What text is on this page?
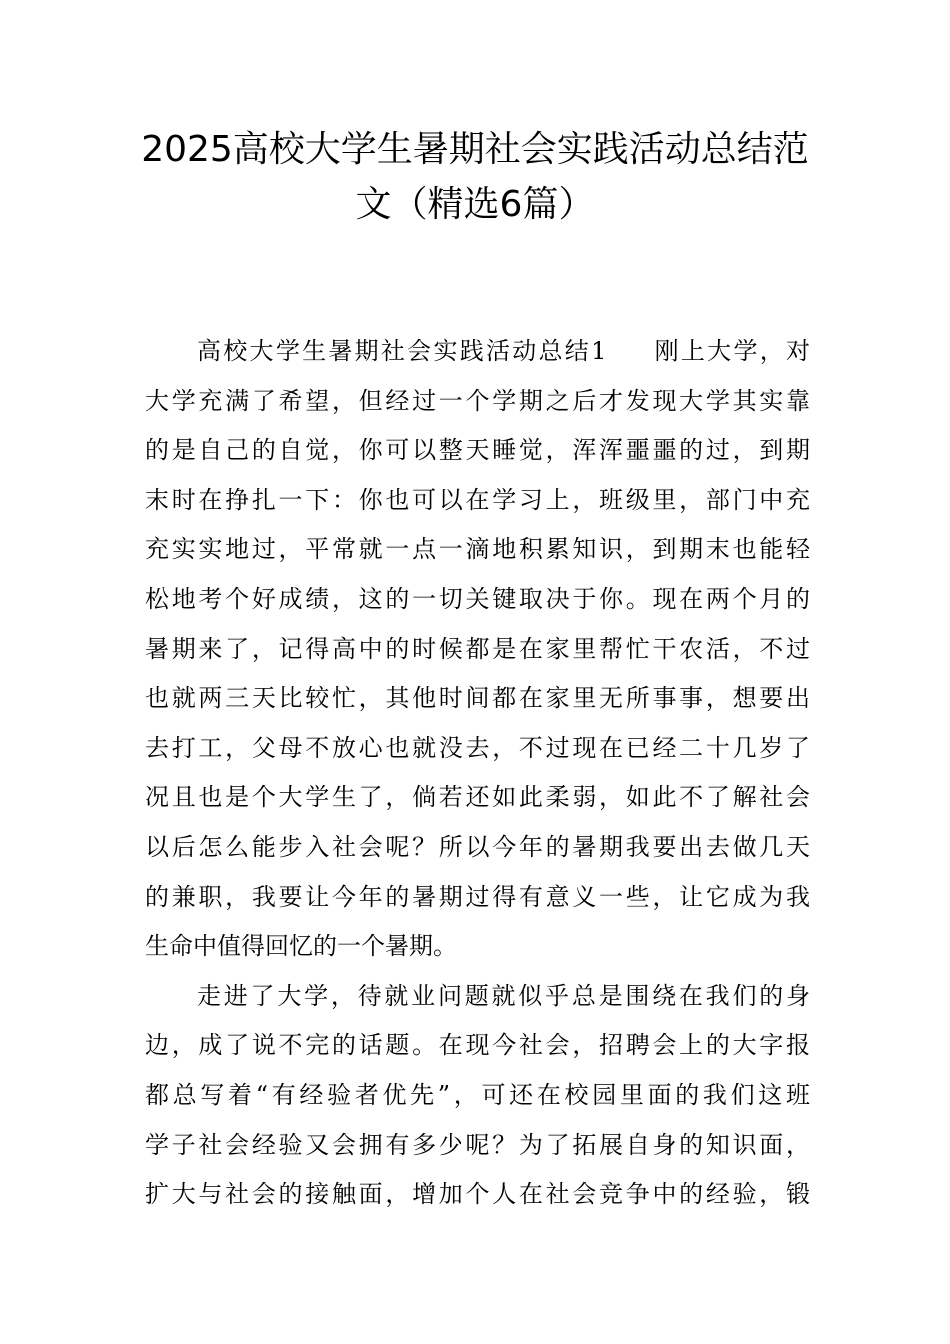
2025高校大学生暑期社会实践活动总结范
文（精选6篇）
高校大学生暑期社会实践活动总结1 刚上大学，对
大学充满了希望，但经过一个学期之后才发现大学其实靠
的是自己的自觉，你可以整天睡觉，浑浑噩噩的过，到期
末时在挣扎一下：你也可以在学习上，班级里，部门中充
充实实地过，平常就一点一滴地积累知识，到期末也能轻
松地考个好成绩，这的一切关键取决于你。现在两个月的
暑期来了，记得高中的时候都是在家里帮忙干农活，不过
也就两三天比较忙，其他时间都在家里无所事事，想要出
去打工，父母不放心也就没去，不过现在已经二十几岁了
况且也是个大学生了，倘若还如此柔弱，如此不了解社会
以后怎么能步入社会呢？所以今年的暑期我要出去做几天
的兼职，我要让今年的暑期过得有意义一些，让它成为我
生命中值得回忆的一个暑期。
走进了大学，待就业问题就似乎总是围绕在我们的身
边，成了说不完的话题。在现今社会，招聘会上的大字报
都总写着“有经验者优先”，可还在校园里面的我们这班
学子社会经验又会拥有多少呢？为了拓展自身的知识面，
扩大与社会的接触面，增加个人在社会竞争中的经验，锻
